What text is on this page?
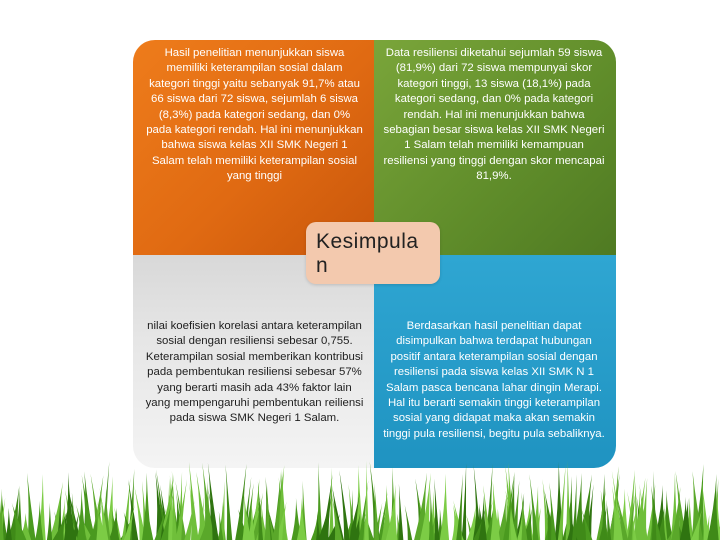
Hasil penelitian menunjukkan siswa memiliki keterampilan sosial dalam kategori tinggi yaitu sebanyak 91,7% atau 66 siswa dari 72 siswa, sejumlah 6 siswa (8,3%) pada kategori sedang, dan 0% pada kategori rendah. Hal ini menunjukkan bahwa siswa kelas XII SMK Negeri 1 Salam telah memiliki keterampilan sosial yang tinggi
Data resiliensi diketahui sejumlah 59 siswa (81,9%) dari 72 siswa mempunyai skor kategori tinggi, 13 siswa (18,1%) pada kategori sedang, dan 0% pada kategori rendah. Hal ini menunjukkan bahwa sebagian besar siswa kelas XII SMK Negeri 1 Salam telah memiliki kemampuan resiliensi yang tinggi dengan skor mencapai 81,9%.
nilai koefisien korelasi antara keterampilan sosial dengan resiliensi sebesar 0,755. Keterampilan sosial memberikan kontribusi pada pembentukan resiliensi sebesar 57% yang berarti masih ada 43% faktor lain yang mempengaruhi pembentukan reiliensi pada siswa SMK Negeri 1 Salam.
Berdasarkan hasil penelitian dapat disimpulkan bahwa terdapat hubungan positif antara keterampilan sosial dengan resiliensi pada siswa kelas XII SMK N 1 Salam pasca bencana lahar dingin Merapi. Hal itu berarti semakin tinggi keterampilan sosial yang didapat maka akan semakin tinggi pula resiliensi, begitu pula sebaliknya.
Kesimpula n
